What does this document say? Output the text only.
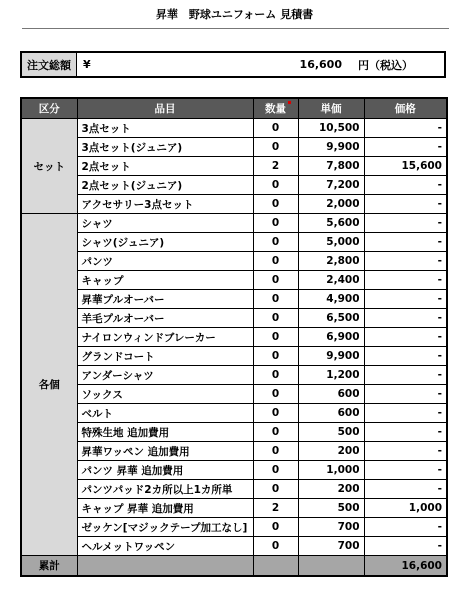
昇華　野球ユニフォーム 見積書
注文総額	¥	16,600	円（税込）
区分	品目	数量	単価	価格
セット	3点セット	0	10,500	-
	3点セット(ジュニア)	0	9,900	-
	2点セット	2	7,800	15,600
	2点セット(ジュニア)	0	7,200	-
	アクセサリー3点セット	0	2,000	-
各個	シャツ	0	5,600	-
	シャツ(ジュニア)	0	5,000	-
	パンツ	0	2,800	-
	キャップ	0	2,400	-
	昇華プルオーバー	0	4,900	-
	羊毛プルオーバー	0	6,500	-
	ナイロンウィンドブレーカー	0	6,900	-
	グランドコート	0	9,900	-
	アンダーシャツ	0	1,200	-
	ソックス	0	600	-
	ベルト	0	600	-
	特殊生地 追加費用	0	500	-
	昇華ワッペン 追加費用	0	200	-
	パンツ 昇華 追加費用	0	1,000	-
	パンツパッド2カ所以上1カ所単	0	200	-
	キャップ 昇華 追加費用	2	500	1,000
	ゼッケン[マジックテープ加工なし]	0	700	-
	ヘルメットワッペン	0	700	-
累計				16,600
